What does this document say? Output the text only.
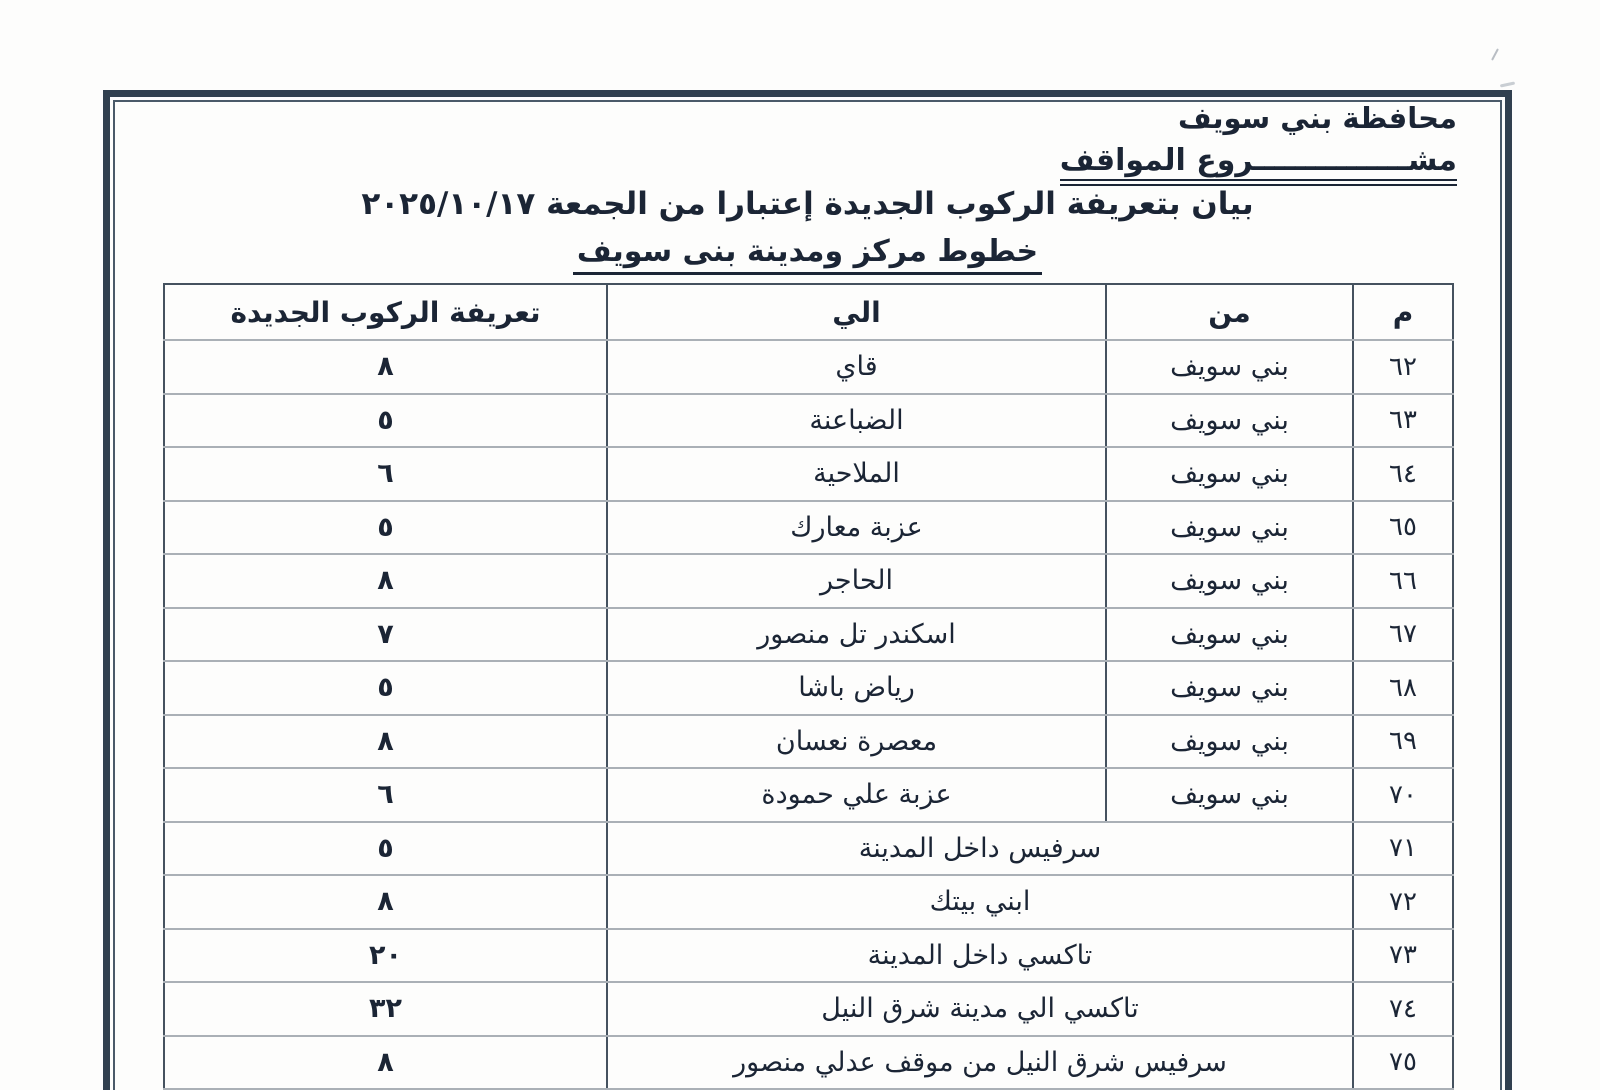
محافظة بني سويف
مشـــــــــــــــروع المواقف
بيان بتعريفة الركوب الجديدة إعتبارا من الجمعة ٢٠٢٥/١٠/١٧
خطوط مركز ومدينة بنى سويف
م	من	الي	تعريفة الركوب الجديدة
٦٢	بني سويف	قاي	٨
٦٣	بني سويف	الضباعنة	٥
٦٤	بني سويف	الملاحية	٦
٦٥	بني سويف	عزبة معارك	٥
٦٦	بني سويف	الحاجر	٨
٦٧	بني سويف	اسكندر تل منصور	٧
٦٨	بني سويف	رياض باشا	٥
٦٩	بني سويف	معصرة نعسان	٨
٧٠	بني سويف	عزبة علي حمودة	٦
٧١	سرفيس داخل المدينة		٥
٧٢	ابني بيتك		٨
٧٣	تاكسي داخل المدينة		٢٠
٧٤	تاكسي الي مدينة شرق النيل		٣٢
٧٥	سرفيس شرق النيل من موقف عدلي منصور		٨
